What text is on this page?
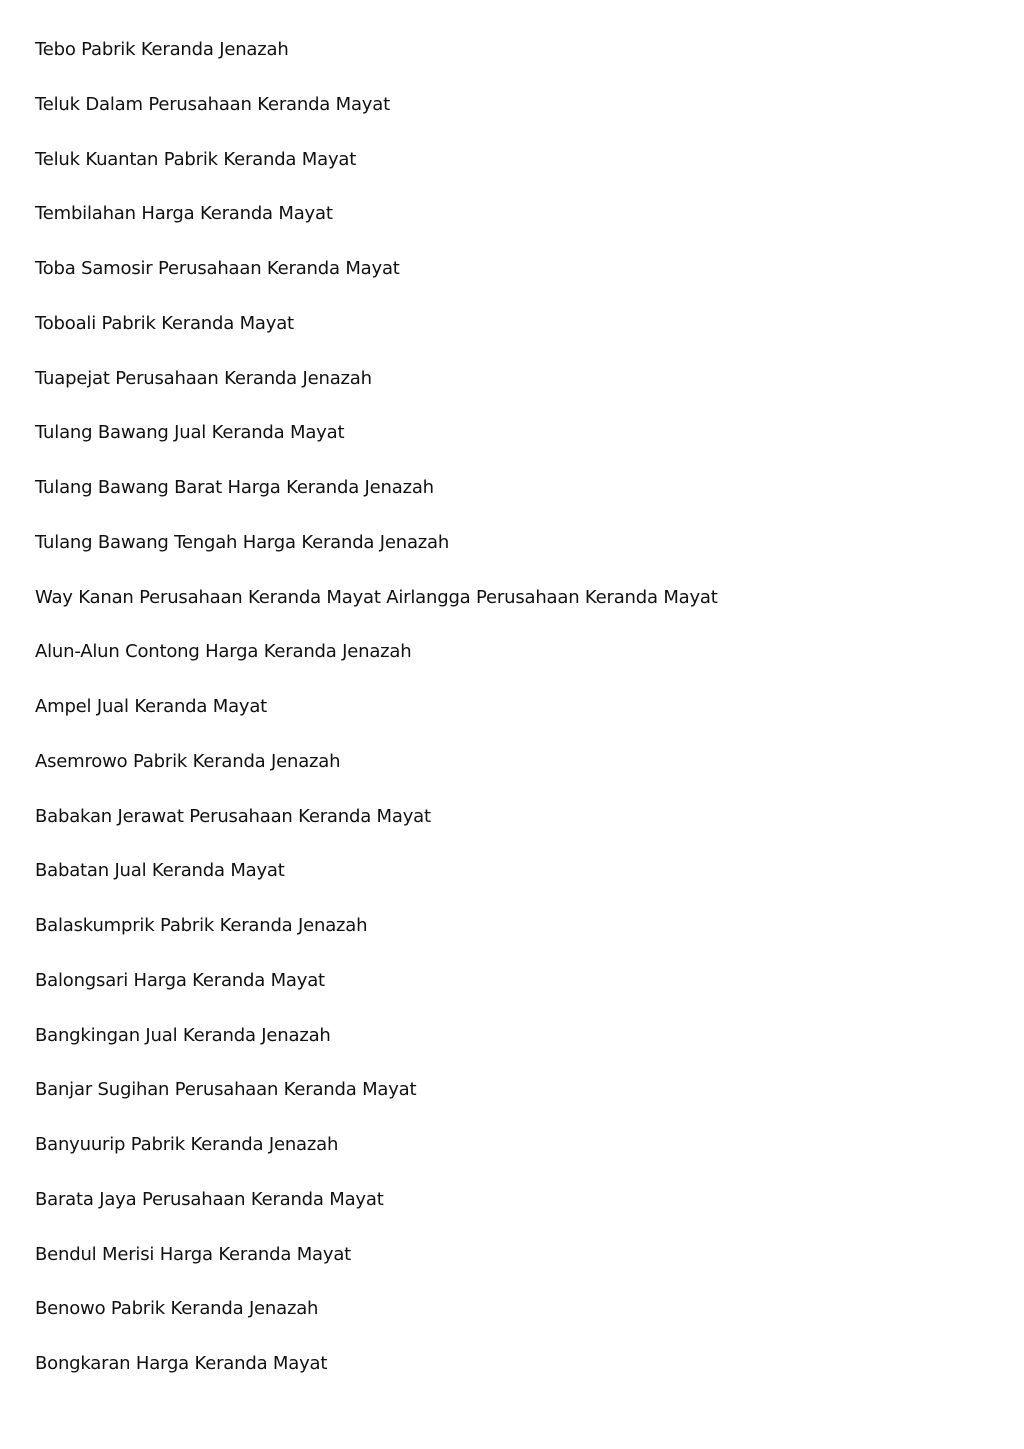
Tebo Pabrik Keranda Jenazah
Teluk Dalam Perusahaan Keranda Mayat
Teluk Kuantan Pabrik Keranda Mayat
Tembilahan Harga Keranda Mayat
Toba Samosir Perusahaan Keranda Mayat
Toboali Pabrik Keranda Mayat
Tuapejat Perusahaan Keranda Jenazah
Tulang Bawang Jual Keranda Mayat
Tulang Bawang Barat Harga Keranda Jenazah
Tulang Bawang Tengah Harga Keranda Jenazah
Way Kanan Perusahaan Keranda Mayat Airlangga Perusahaan Keranda Mayat
Alun-Alun Contong Harga Keranda Jenazah
Ampel Jual Keranda Mayat
Asemrowo Pabrik Keranda Jenazah
Babakan Jerawat Perusahaan Keranda Mayat
Babatan Jual Keranda Mayat
Balaskumprik Pabrik Keranda Jenazah
Balongsari Harga Keranda Mayat
Bangkingan Jual Keranda Jenazah
Banjar Sugihan Perusahaan Keranda Mayat
Banyuurip Pabrik Keranda Jenazah
Barata Jaya Perusahaan Keranda Mayat
Bendul Merisi Harga Keranda Mayat
Benowo Pabrik Keranda Jenazah
Bongkaran Harga Keranda Mayat
